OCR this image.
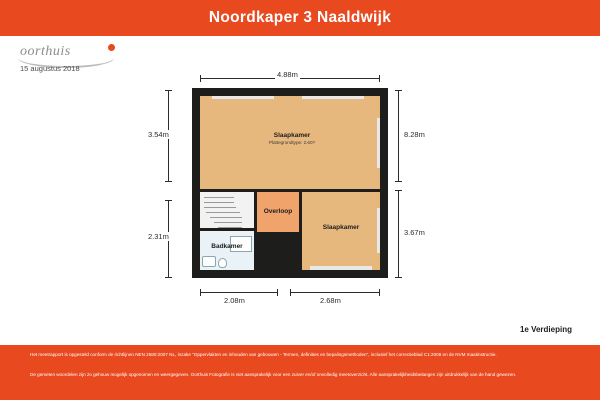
Noordkaper 3 Naaldwijk
oorthuis
15 augustus 2018
4.88m
8.28m
3.67m
3.54m
2.31m
2.08m	2.68m
Slaapkamer
Plattegrondtype: 2.60?
Overloop
Slaapkamer
Badkamer
1e Verdieping

Het meetrapport is opgesteld conform de richtlijnen NEN 2580:2007 NL, inzake "Oppervlakten en inhouden van gebouwen - Termen, definities en bepalingsmethoden", inclusief het correctieblad C1:2008 en de NVM maatinstructie.

De gemeten woordelen zijn zo gehouw mogelijk opgenomen en weergegeven. Oorthuis Fotografie is niet aansprakelijk voor een zuiver en/of onvolledig meetoverzicht. Alle aansprakelijkheidsbelangen zijn uitdrukkelijk van de hand gewezen.
